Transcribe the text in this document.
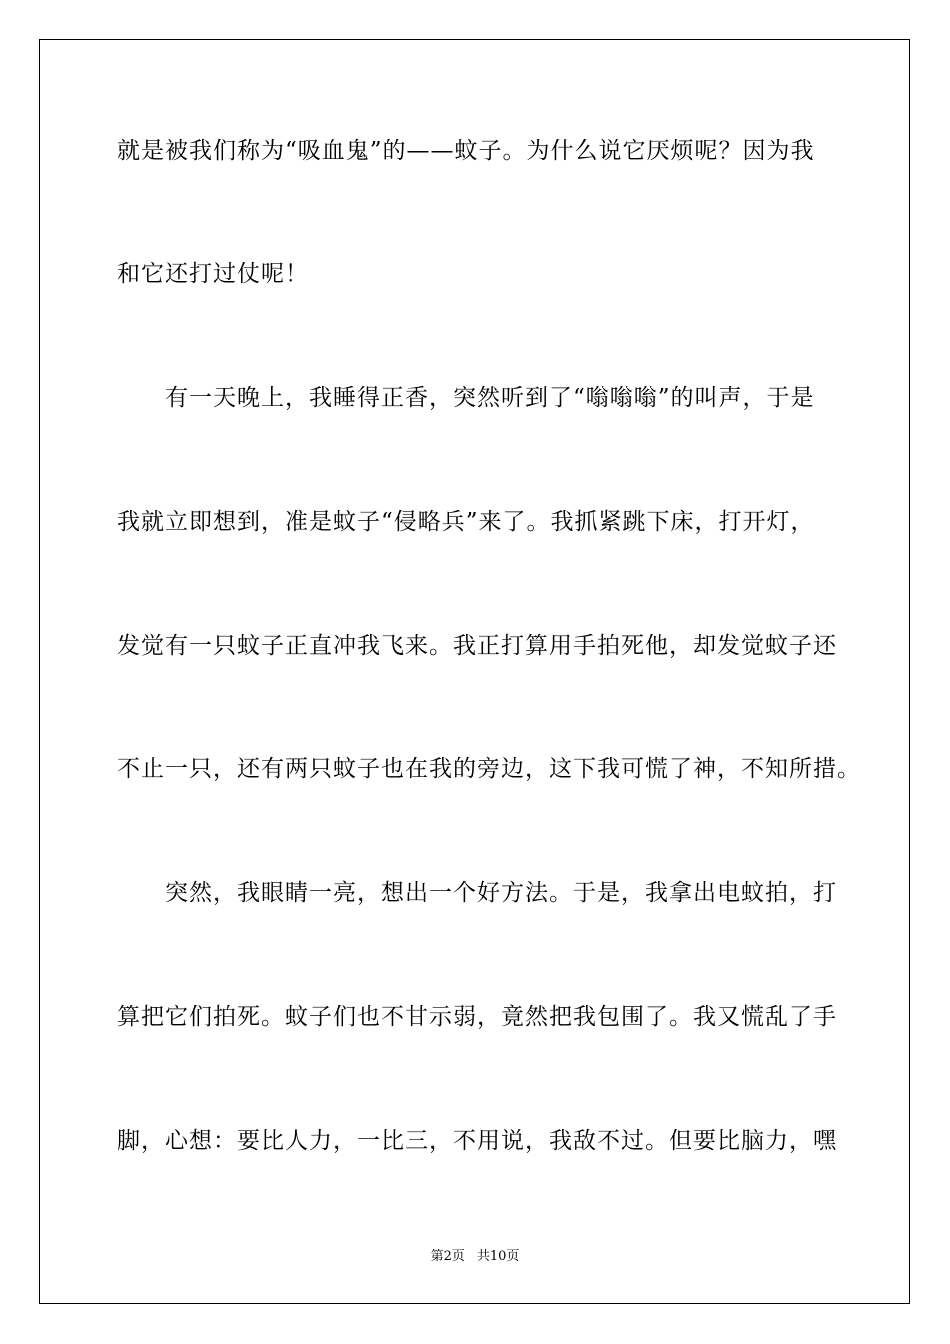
就是被我们称为“吸血鬼”的——蚊子。为什么说它厌烦呢？因为我
和它还打过仗呢！
　　有一天晚上，我睡得正香，突然听到了“嗡嗡嗡”的叫声，于是
我就立即想到，准是蚊子“侵略兵”来了。我抓紧跳下床，打开灯，
发觉有一只蚊子正直冲我飞来。我正打算用手拍死他，却发觉蚊子还
不止一只，还有两只蚊子也在我的旁边，这下我可慌了神，不知所措。
　　突然，我眼睛一亮，想出一个好方法。于是，我拿出电蚊拍，打
算把它们拍死。蚊子们也不甘示弱，竟然把我包围了。我又慌乱了手
脚，心想：要比人力，一比三，不用说，我敌不过。但要比脑力，嘿
第2页 共10页
